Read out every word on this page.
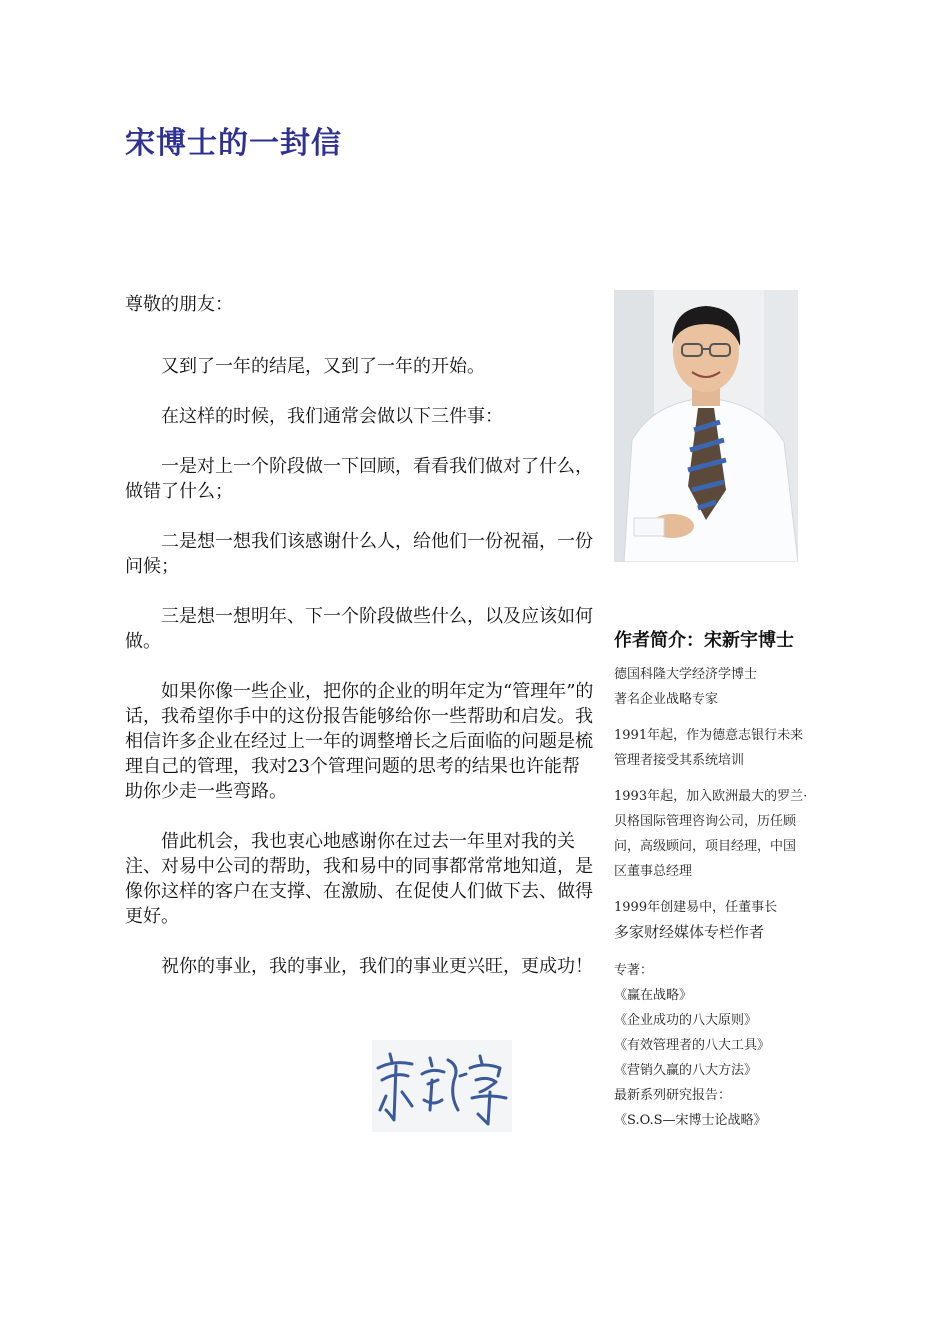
宋博士的一封信

尊敬的朋友：

又到了一年的结尾，又到了一年的开始。

在这样的时候，我们通常会做以下三件事：

一是对上一个阶段做一下回顾，看看我们做对了什么，做错了什么；

二是想一想我们该感谢什么人，给他们一份祝福，一份问候；

三是想一想明年、下一个阶段做些什么，以及应该如何做。

如果你像一些企业，把你的企业的明年定为“管理年”的话，我希望你手中的这份报告能够给你一些帮助和启发。我相信许多企业在经过上一年的调整增长之后面临的问题是梳理自己的管理，我对23个管理问题的思考的结果也许能帮助你少走一些弯路。

借此机会，我也衷心地感谢你在过去一年里对我的关注、对易中公司的帮助，我和易中的同事都常常地知道，是像你这样的客户在支撑、在激励、在促使人们做下去、做得更好。

祝你的事业，我的事业，我们的事业更兴旺，更成功！

作者简介：宋新宇博士
德国科隆大学经济学博士
著名企业战略专家
1991年起，作为德意志银行未来
管理者接受其系统培训
1993年起，加入欧洲最大的罗兰·
贝格国际管理咨询公司，历任顾
问，高级顾问，项目经理，中国
区董事总经理
1999年创建易中，任董事长
多家财经媒体专栏作者
专著：
《赢在战略》
《企业成功的八大原则》
《有效管理者的八大工具》
《营销久赢的八大方法》
最新系列研究报告：
《S.O.S—宋博士论战略》
